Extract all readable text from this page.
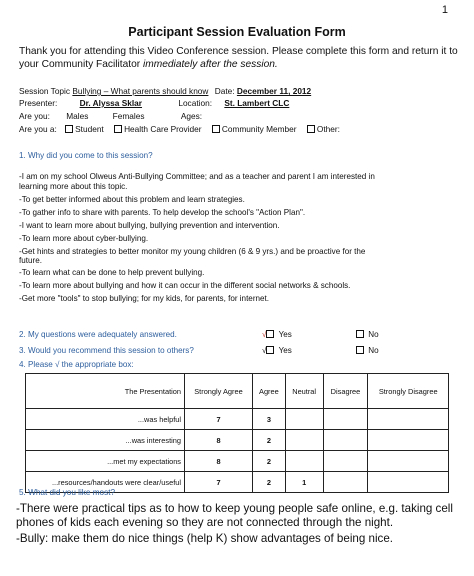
1
Participant Session Evaluation Form
Thank you for attending this Video Conference session. Please complete this form and return it to your Community Facilitator immediately after the session.
Session Topic Bullying – What parents should know Date: December 11, 2012
Presenter:	Dr. Alyssa Sklar	Location: St. Lambert CLC
Are you: Males	Females	Ages:
Are you a: Student Health Care Provider Community Member Other:
1. Why did you come to this session?
-I am on my school Olweus Anti-Bullying Committee; and as a teacher and parent I am interested in
learning more about this topic.
-To get better informed about this problem and learn strategies.
-To gather info to share with parents. To help develop the school's "Action Plan".
-I want to learn more about bullying, bullying prevention and intervention.
-To learn more about cyber-bullying.
-Get hints and strategies to better monitor my young children (6 & 9 yrs.) and be proactive for the
future.
-To learn what can be done to help prevent bullying.
-To learn more about bullying and how it can occur in the different social networks & schools.
-Get more "tools" to stop bullying; for my kids, for parents, for internet.
2. My questions were adequately answered.	√ Yes	No
3. Would you recommend this session to others?	√ Yes	No
4. Please √ the appropriate box:
The Presentation	Strongly Agree	Agree	Neutral	Disagree	Strongly Disagree
...was helpful	7	3			
...was interesting	8	2			
...met my expectations	8	2			
...resources/handouts were clear/useful	7	2	1		
5. What did you like most?
-There were practical tips as to how to keep young people safe online, e.g. taking cell phones of kids each evening so they are not connected through the night.
-Bully: make them do nice things (help K) show advantages of being nice.
